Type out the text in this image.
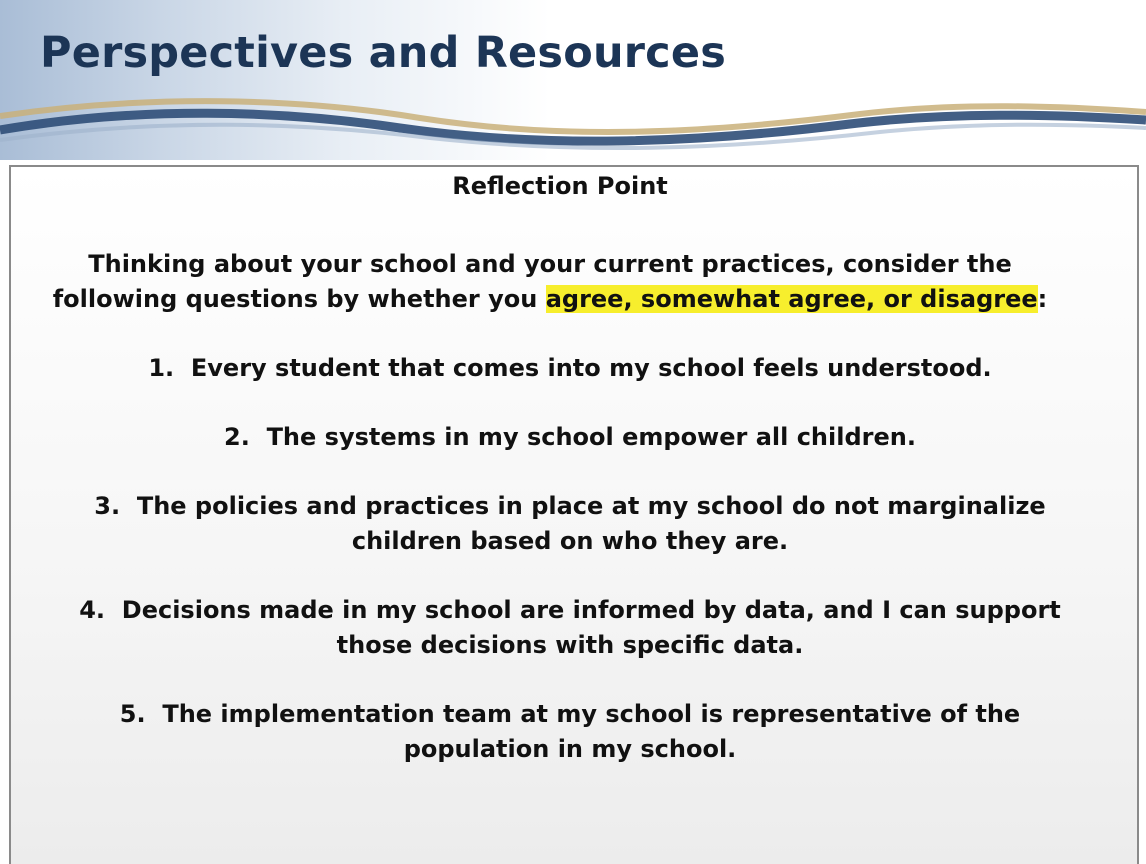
Perspectives and Resources
Reflection Point
Thinking about your school and your current practices, consider the
following questions by whether you agree, somewhat agree, or disagree:
1. Every student that comes into my school feels understood.
2. The systems in my school empower all children.
3. The policies and practices in place at my school do not marginalize
children based on who they are.
4. Decisions made in my school are informed by data, and I can support
those decisions with specific data.
5. The implementation team at my school is representative of the
population in my school.
